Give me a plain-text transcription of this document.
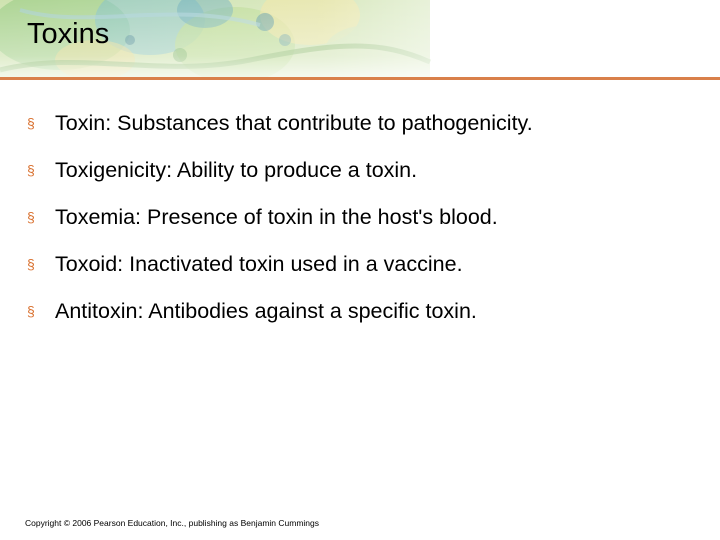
Toxins
§ Toxin: Substances that contribute to pathogenicity.
§ Toxigenicity: Ability to produce a toxin.
§ Toxemia: Presence of toxin in the host's blood.
§ Toxoid: Inactivated toxin used in a vaccine.
§ Antitoxin: Antibodies against a specific toxin.
Copyright © 2006 Pearson Education, Inc., publishing as Benjamin Cummings
